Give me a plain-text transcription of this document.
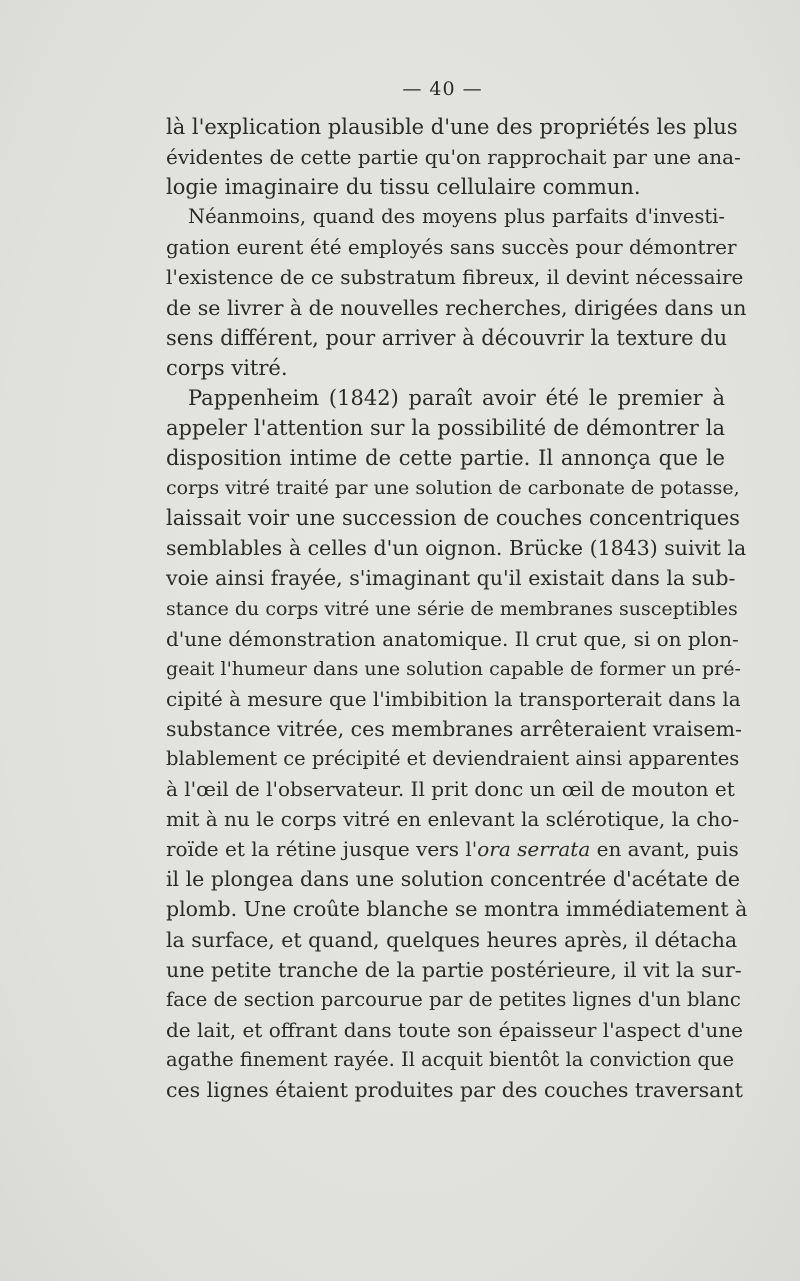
— 40 —
là l'explication plausible d'une des propriétés les plus
évidentes de cette partie qu'on rapprochait par une ana-
logie imaginaire du tissu cellulaire commun.
Néanmoins, quand des moyens plus parfaits d'investi-
gation eurent été employés sans succès pour démontrer
l'existence de ce substratum fibreux, il devint nécessaire
de se livrer à de nouvelles recherches, dirigées dans un
sens différent, pour arriver à découvrir la texture du
corps vitré.
Pappenheim (1842) paraît avoir été le premier à
appeler l'attention sur la possibilité de démontrer la
disposition intime de cette partie. Il annonça que le
corps vitré traité par une solution de carbonate de potasse,
laissait voir une succession de couches concentriques
semblables à celles d'un oignon. Brücke (1843) suivit la
voie ainsi frayée, s'imaginant qu'il existait dans la sub-
stance du corps vitré une série de membranes susceptibles
d'une démonstration anatomique. Il crut que, si on plon-
geait l'humeur dans une solution capable de former un pré-
cipité à mesure que l'imbibition la transporterait dans la
substance vitrée, ces membranes arrêteraient vraisem-
blablement ce précipité et deviendraient ainsi apparentes
à l'œil de l'observateur. Il prit donc un œil de mouton et
mit à nu le corps vitré en enlevant la sclérotique, la cho-
roïde et la rétine jusque vers l'ora serrata en avant, puis
il le plongea dans une solution concentrée d'acétate de
plomb. Une croûte blanche se montra immédiatement à
la surface, et quand, quelques heures après, il détacha
une petite tranche de la partie postérieure, il vit la sur-
face de section parcourue par de petites lignes d'un blanc
de lait, et offrant dans toute son épaisseur l'aspect d'une
agathe finement rayée. Il acquit bientôt la conviction que
ces lignes étaient produites par des couches traversant
